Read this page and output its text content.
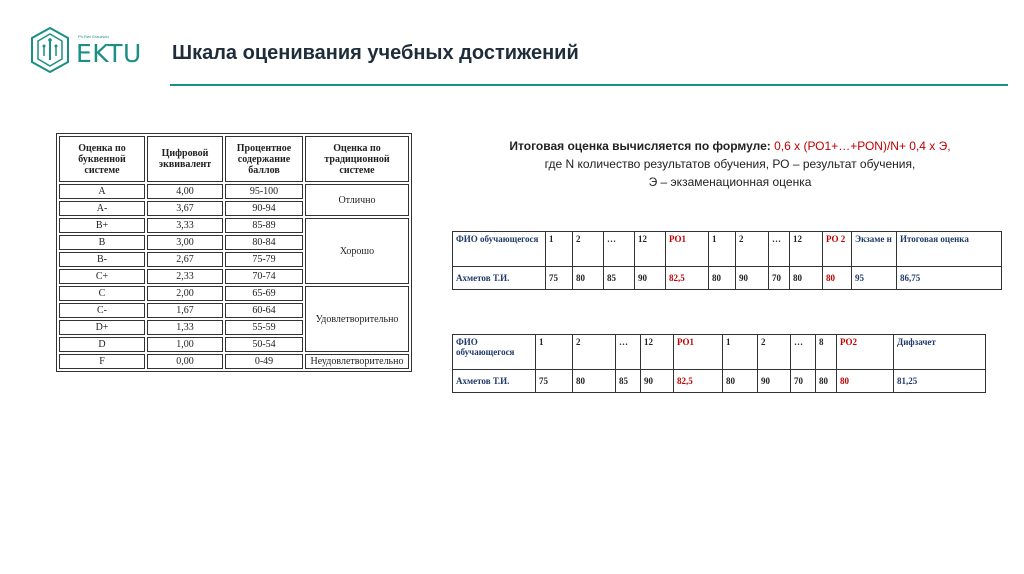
Ph.Rwi Grauzwiu
EKTU Шкала оценивания учебных достижений
Оценка по буквенной системе	Цифровой эквивалент	Процентное содержание баллов	Оценка по традиционной системе
A	4,00	95-100	Отлично
A-	3,67	90-94	
B+	3,33	85-89	Хорошо
B	3,00	80-84	
B-	2,67	75-79	
C+	2,33	70-74	
C	2,00	65-69	Удовлетворительно
C-	1,67	60-64	
D+	1,33	55-59	
D	1,00	50-54	
F	0,00	0-49	Неудовлетворительно
Итоговая оценка вычисляется по формуле: 0,6 x (РО1+…+РОN)/N+ 0,4 x Э,
где N количество результатов обучения, РО – результат обучения,
Э – экзаменационная оценка
ФИО обучающегося	1	2	…	12	РО1	1	2	…	12	РО 2	Экзаме н	Итоговая оценка
Ахметов Т.И.	75	80	85	90	82,5	80	90	70	80	80	95	86,75
ФИО обучающегося	1	2	…	12	РО1	1	2	…	8	РО2	Дифзачет
Ахметов Т.И.	75	80	85	90	82,5	80	90	70	80	80	81,25
